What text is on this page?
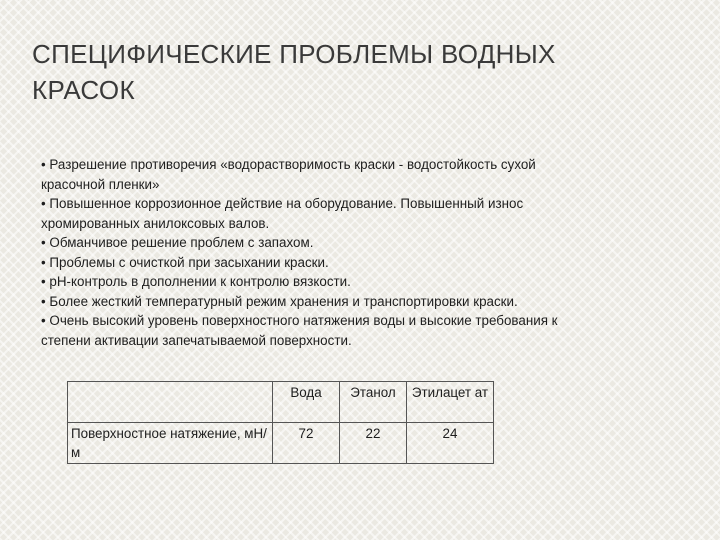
СПЕЦИФИЧЕСКИЕ ПРОБЛЕМЫ ВОДНЫХ
КРАСОК
• Разрешение противоречия «водорастворимость краски - водостойкость сухой
красочной пленки»
• Повышенное коррозионное действие на оборудование. Повышенный износ
хромированных анилоксовых валов.
• Обманчивое решение проблем с запахом.
• Проблемы с очисткой при засыхании краски.
• рН-контроль в дополнении к контролю вязкости.
• Более жесткий температурный режим хранения и транспортировки краски.
• Очень высокий уровень поверхностного натяжения воды и высокие требования к
степени активации запечатываемой поверхности.
	Вода	Этанол	Этилацет ат
Поверхностное натяжение, мН/м	72	22	24
